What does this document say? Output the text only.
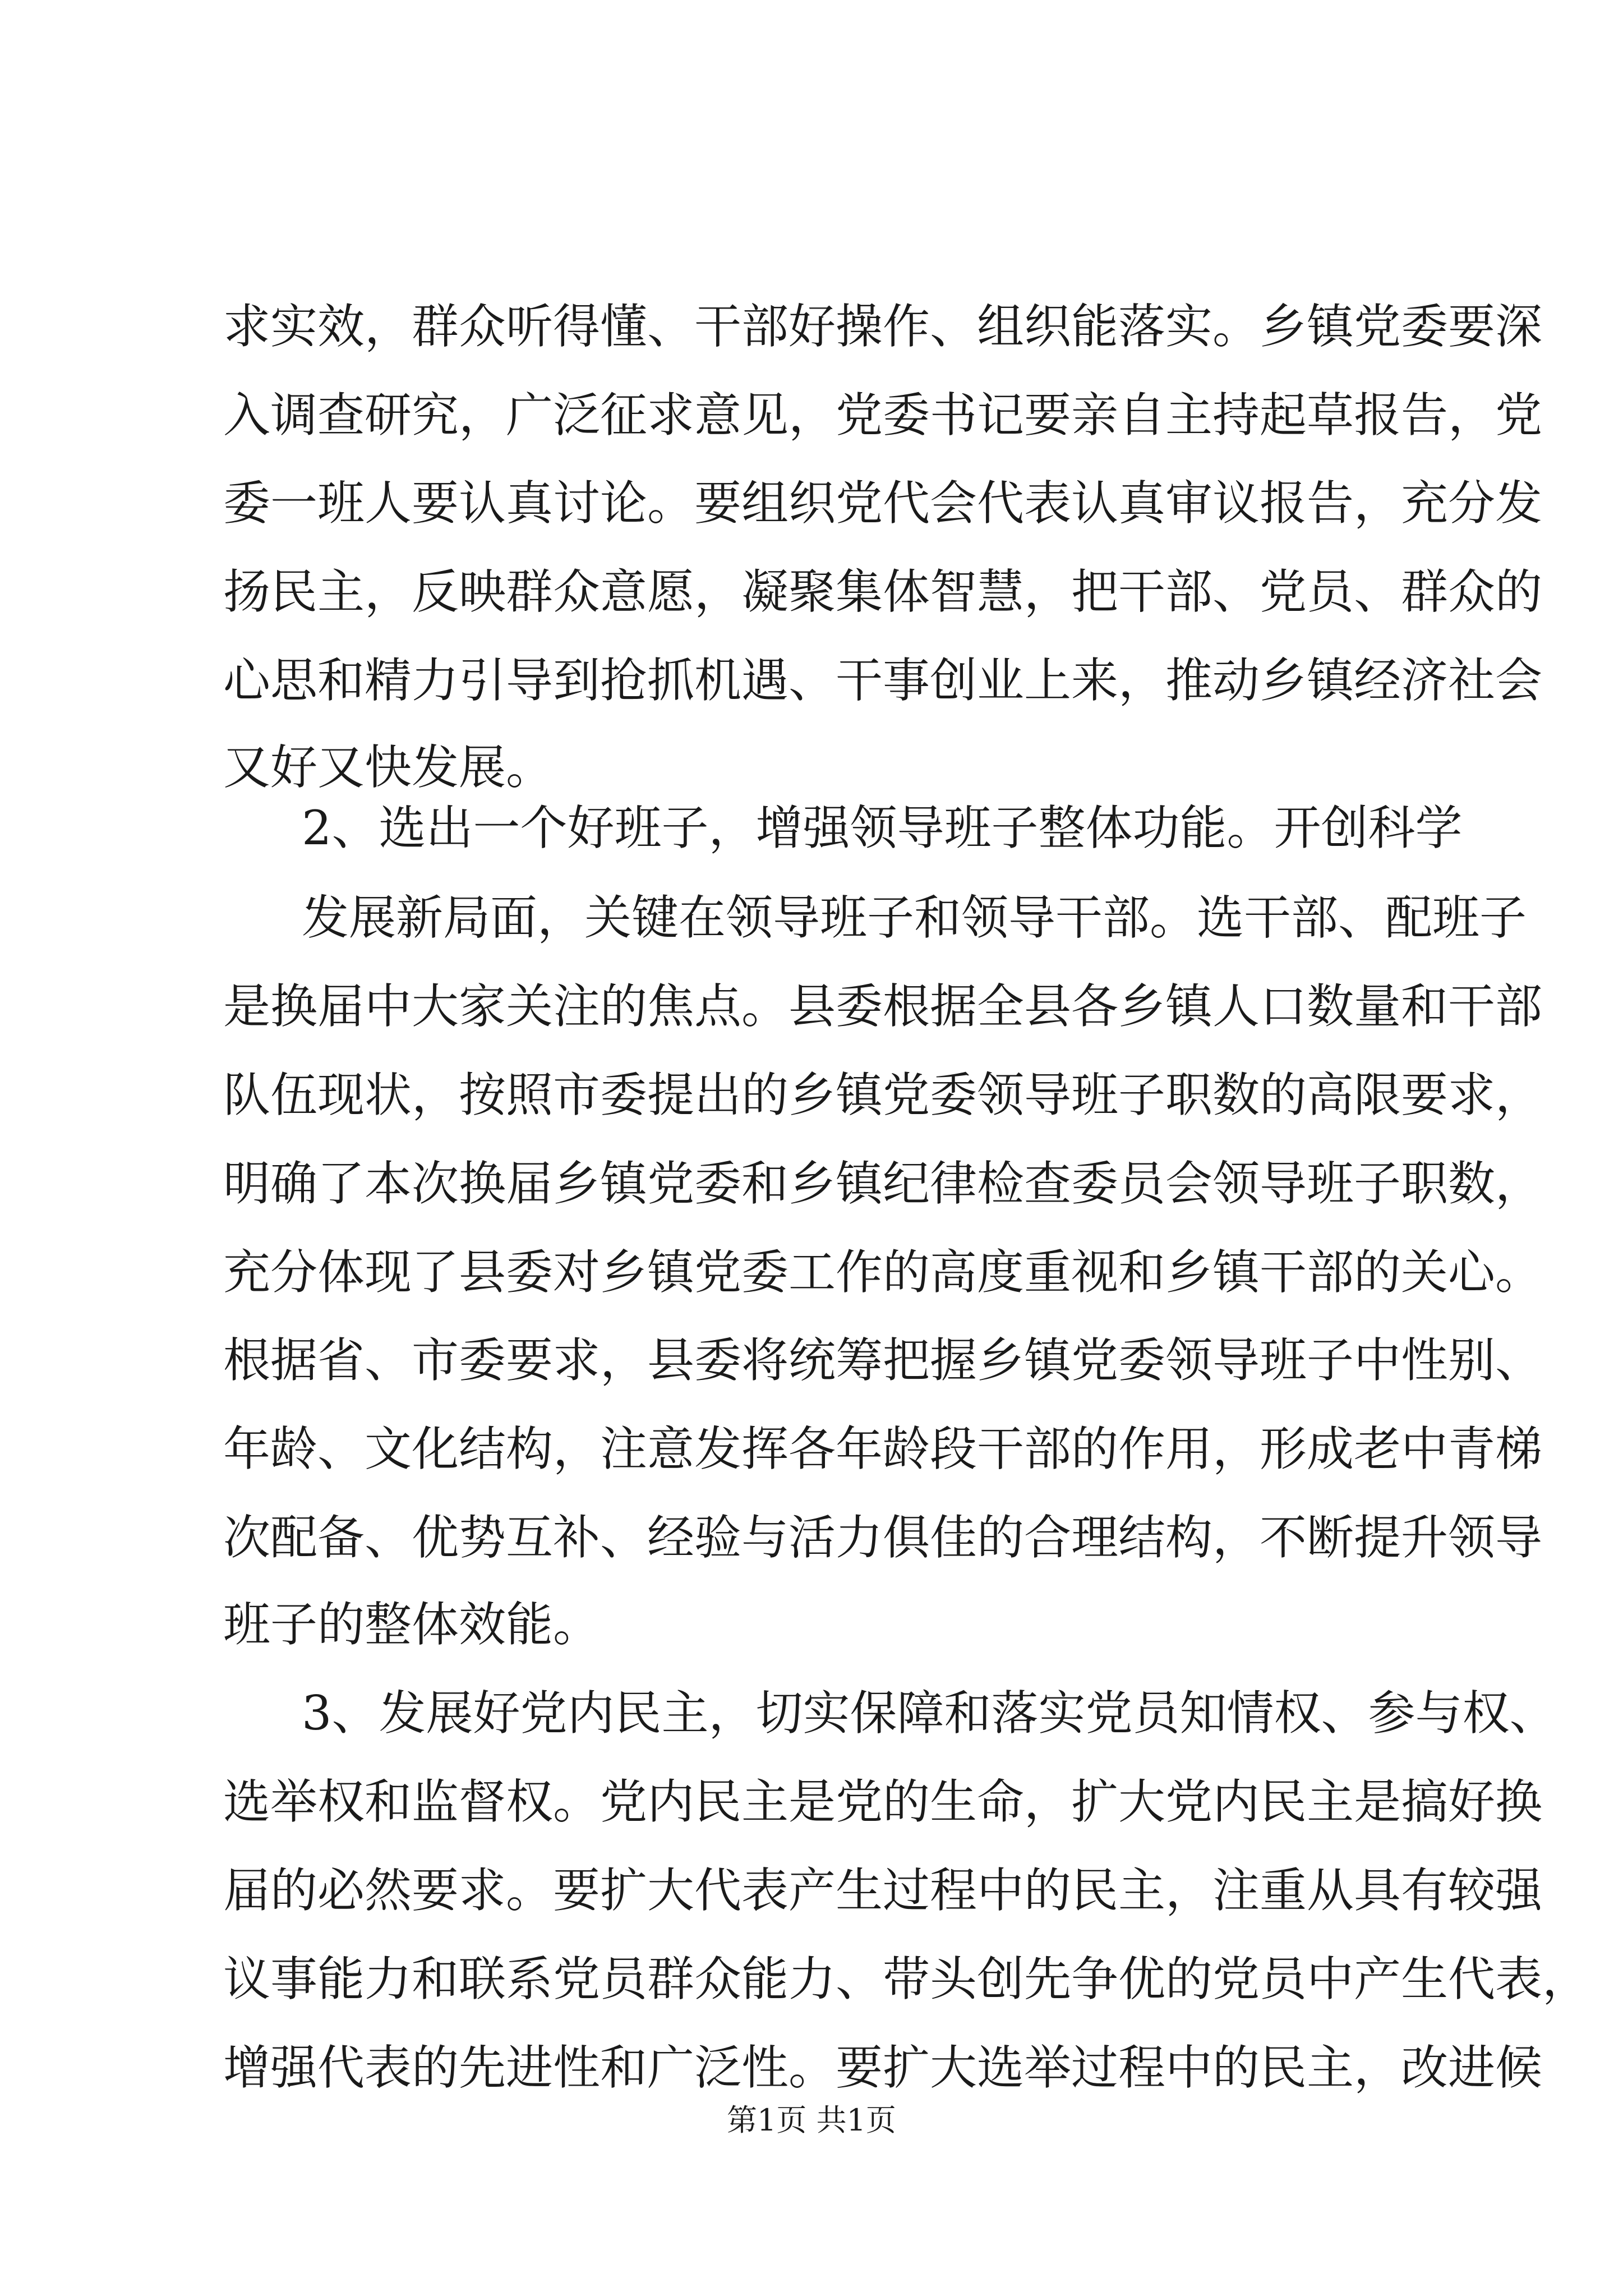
求实效，群众听得懂、干部好操作、组织能落实。乡镇党委要深
入调查研究，广泛征求意见，党委书记要亲自主持起草报告，党
委一班人要认真讨论。要组织党代会代表认真审议报告，充分发
扬民主，反映群众意愿，凝聚集体智慧，把干部、党员、群众的
心思和精力引导到抢抓机遇、干事创业上来，推动乡镇经济社会
又好又快发展。
2、选出一个好班子，增强领导班子整体功能。开创科学
发展新局面，关键在领导班子和领导干部。选干部、配班子
是换届中大家关注的焦点。县委根据全县各乡镇人口数量和干部
队伍现状，按照市委提出的乡镇党委领导班子职数的高限要求，
明确了本次换届乡镇党委和乡镇纪律检查委员会领导班子职数，
充分体现了县委对乡镇党委工作的高度重视和乡镇干部的关心。
根据省、市委要求，县委将统筹把握乡镇党委领导班子中性别、
年龄、文化结构，注意发挥各年龄段干部的作用，形成老中青梯
次配备、优势互补、经验与活力俱佳的合理结构，不断提升领导
班子的整体效能。
3、发展好党内民主，切实保障和落实党员知情权、参与权、
选举权和监督权。党内民主是党的生命，扩大党内民主是搞好换
届的必然要求。要扩大代表产生过程中的民主，注重从具有较强
议事能力和联系党员群众能力、带头创先争优的党员中产生代表，
增强代表的先进性和广泛性。要扩大选举过程中的民主，改进候
第1页 共1页
